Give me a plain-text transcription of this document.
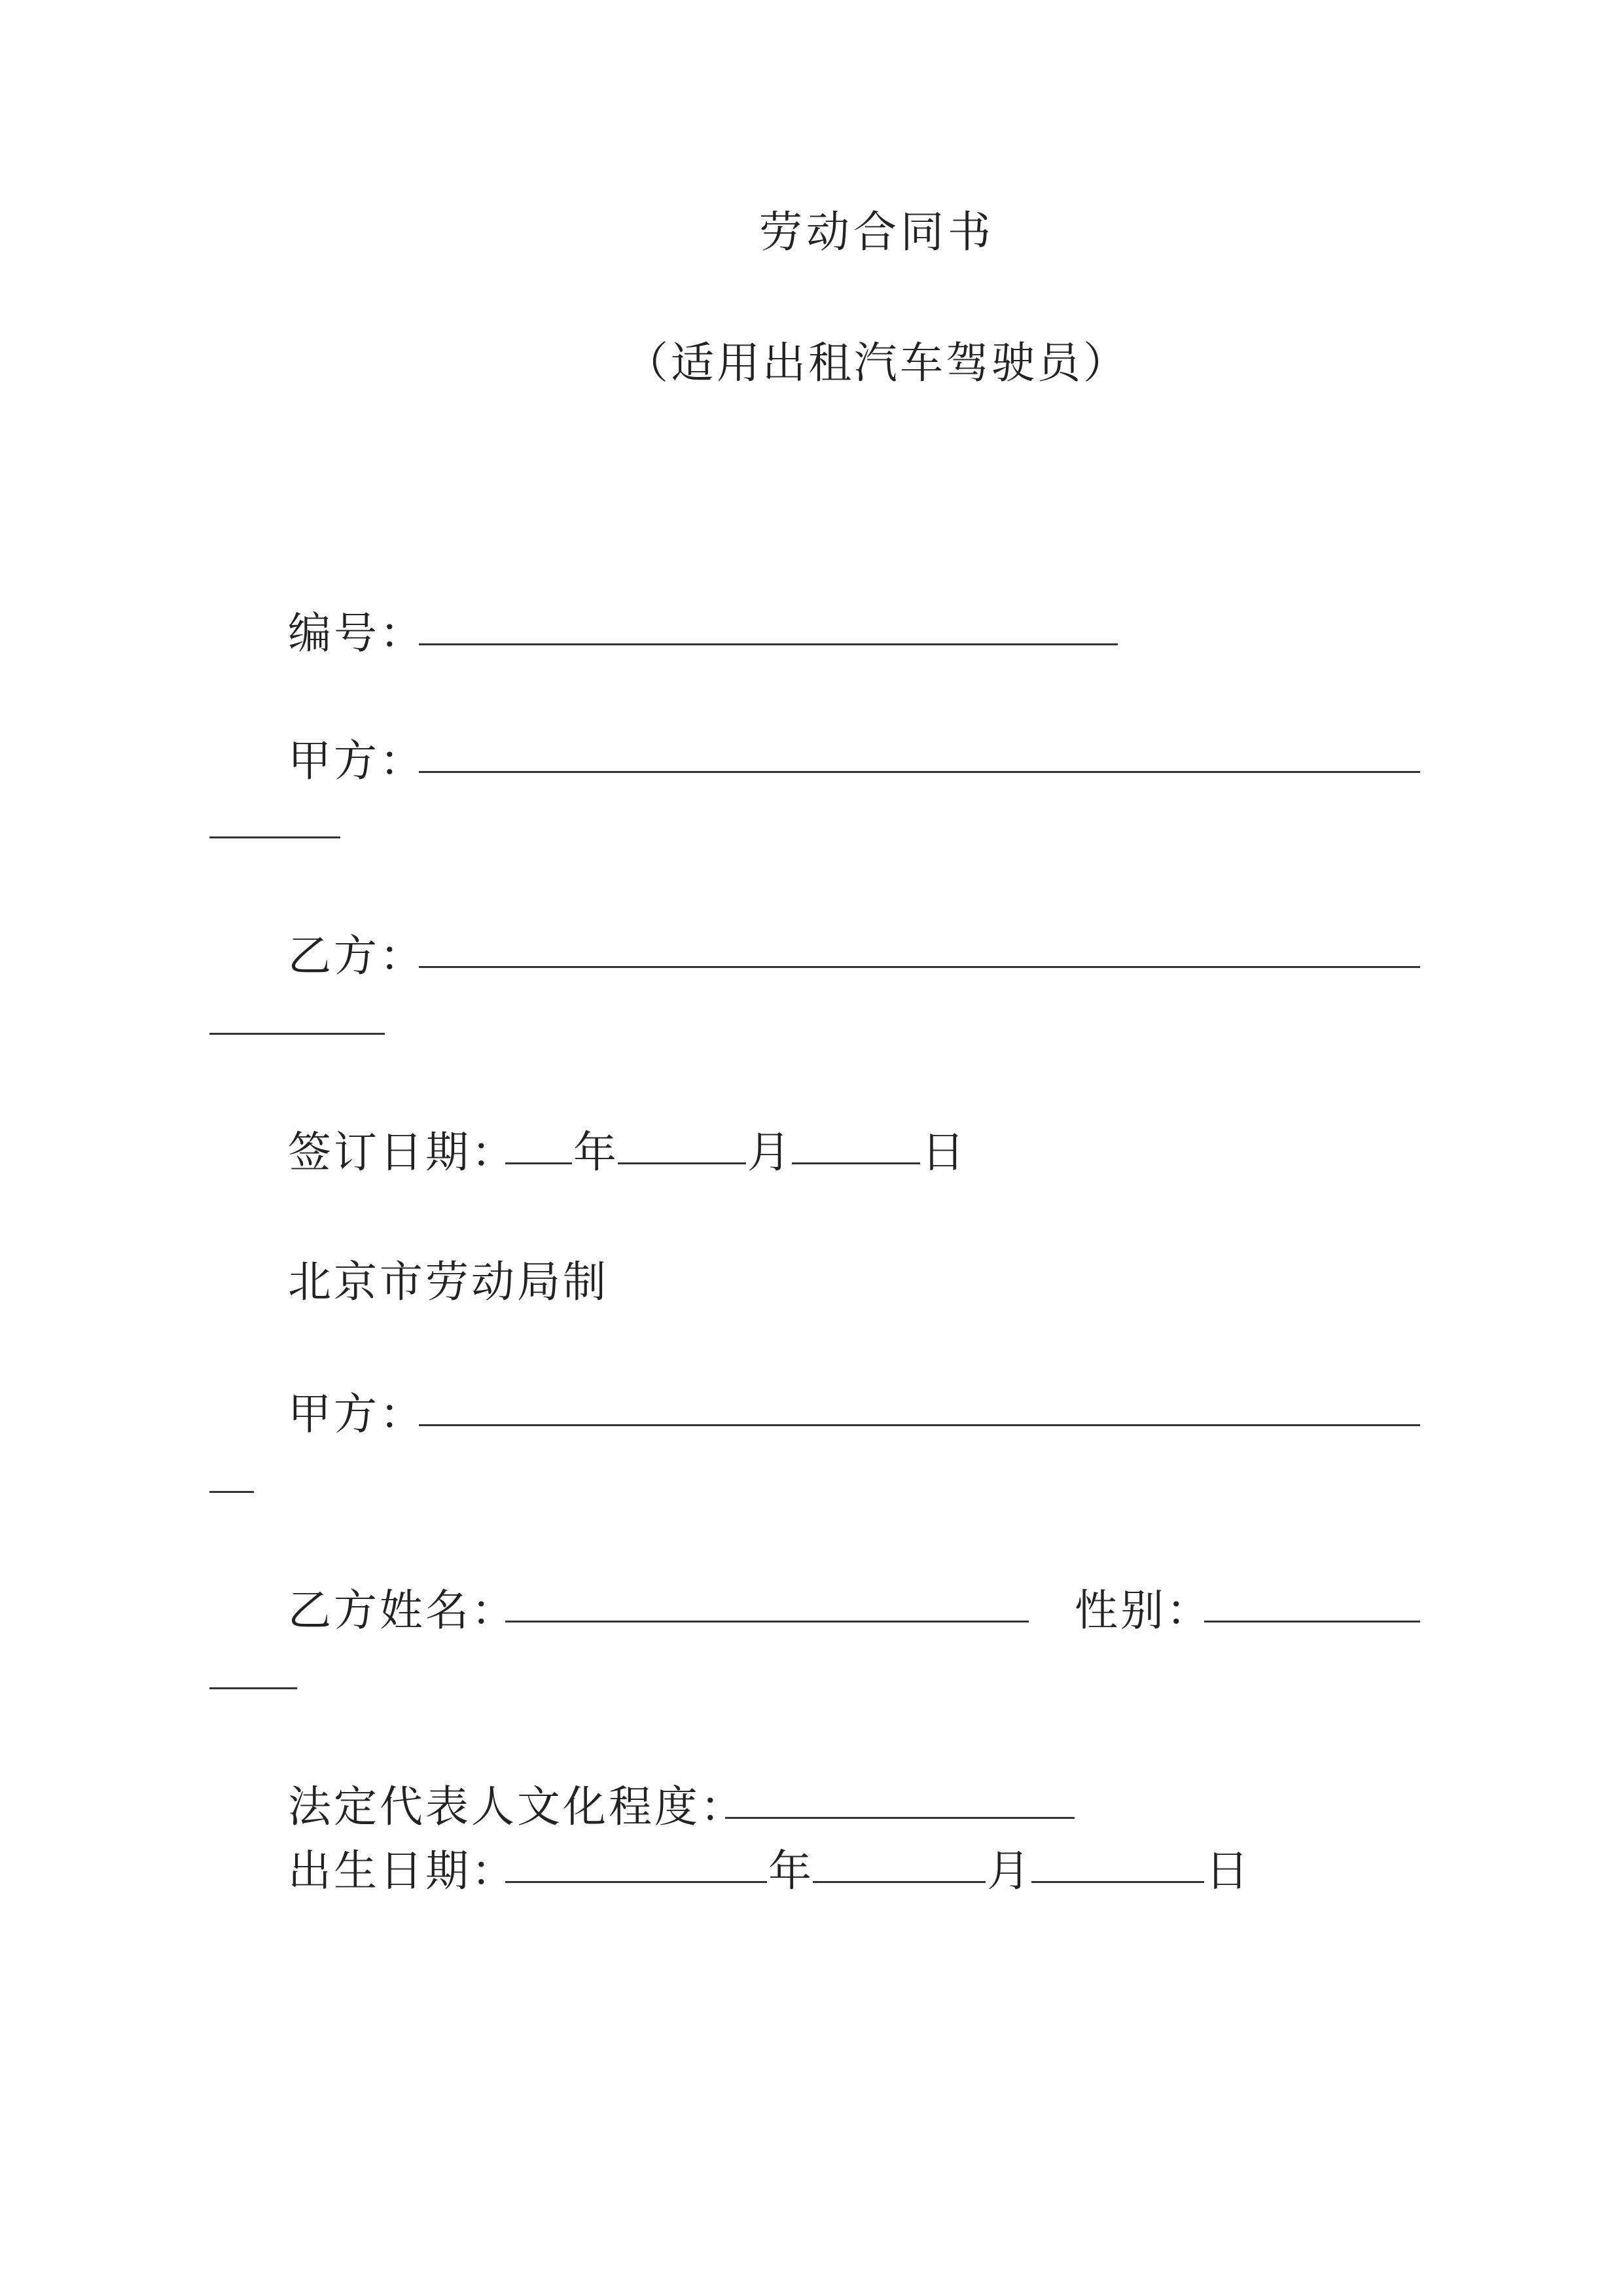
劳动合同书
（适用出租汽车驾驶员）
编号：
甲方：
乙方：
签订日期： 年	月	日
北京市劳动局制
甲方：
乙方姓名：	性别：
法定代表人文化程度：
出生日期：	年	月	日
